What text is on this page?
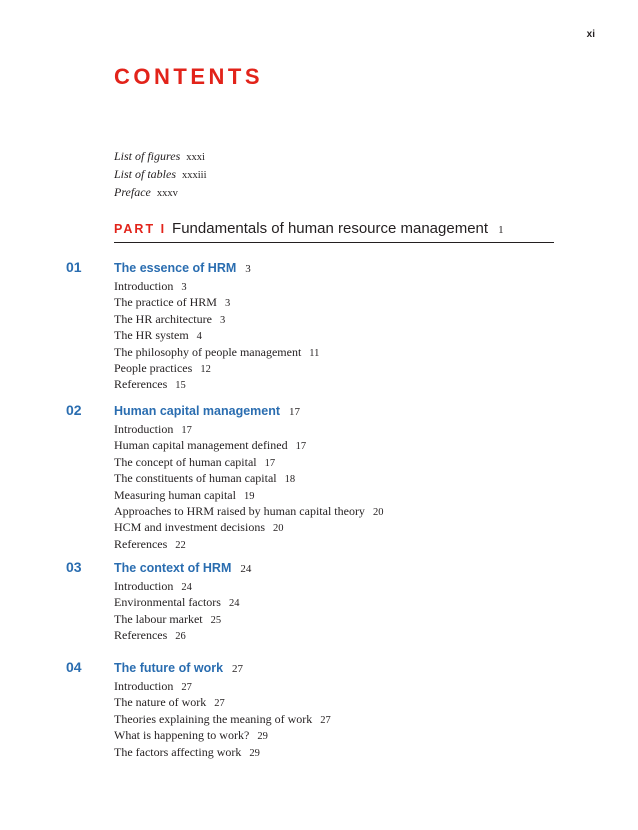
xi
CONTENTS
List of figures xxxi
List of tables xxxiii
Preface xxxv
PART I Fundamentals of human resource management 1
01	The essence of HRM 3
Introduction 3
The practice of HRM 3
The HR architecture 3
The HR system 4
The philosophy of people management 11
People practices 12
References 15
02	Human capital management 17
Introduction 17
Human capital management defined 17
The concept of human capital 17
The constituents of human capital 18
Measuring human capital 19
Approaches to HRM raised by human capital theory 20
HCM and investment decisions 20
References 22
03	The context of HRM 24
Introduction 24
Environmental factors 24
The labour market 25
References 26
04	The future of work 27
Introduction 27
The nature of work 27
Theories explaining the meaning of work 27
What is happening to work? 29
The factors affecting work 29
